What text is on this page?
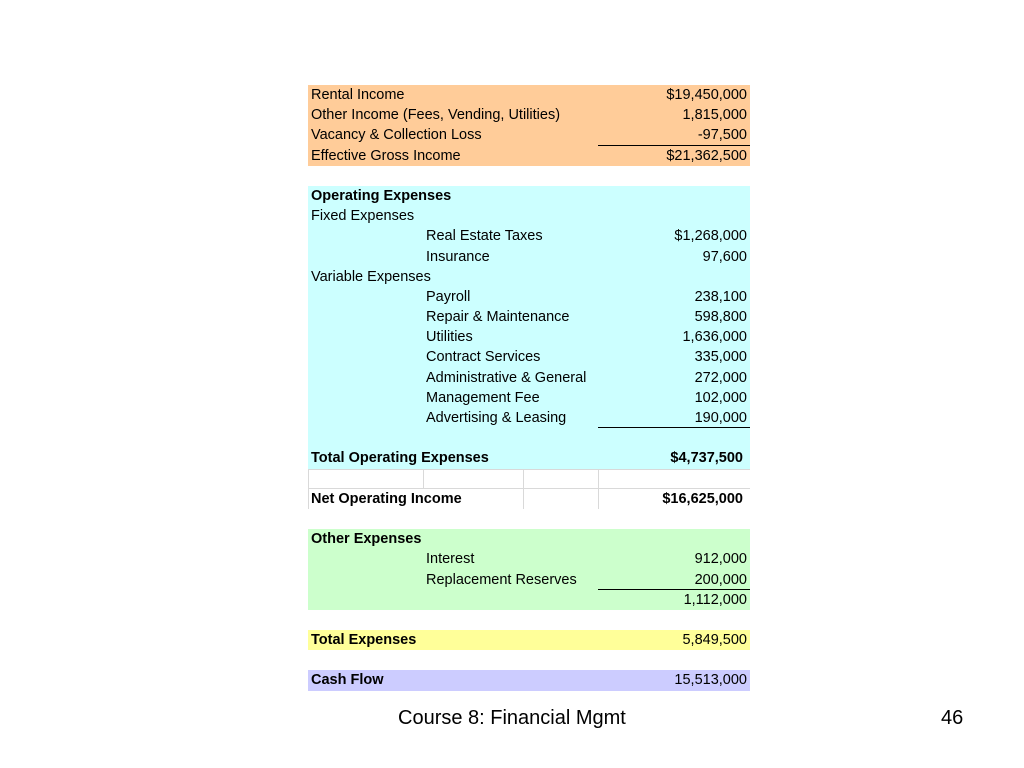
Rental Income	$19,450,000
Other Income (Fees, Vending, Utilities)	1,815,000
Vacancy & Collection Loss	-97,500
Effective Gross Income	$21,362,500
Operating Expenses
Fixed Expenses
Real Estate Taxes	$1,268,000
Insurance	97,600
Variable Expenses
Payroll	238,100
Repair & Maintenance	598,800
Utilities	1,636,000
Contract Services	335,000
Administrative & General	272,000
Management Fee	102,000
Advertising & Leasing	190,000
Total Operating Expenses	$4,737,500
Net Operating Income	$16,625,000
Other Expenses
Interest	912,000
Replacement Reserves	200,000
1,112,000
Total Expenses	5,849,500
Cash Flow	15,513,000
Course 8: Financial Mgmt	46
